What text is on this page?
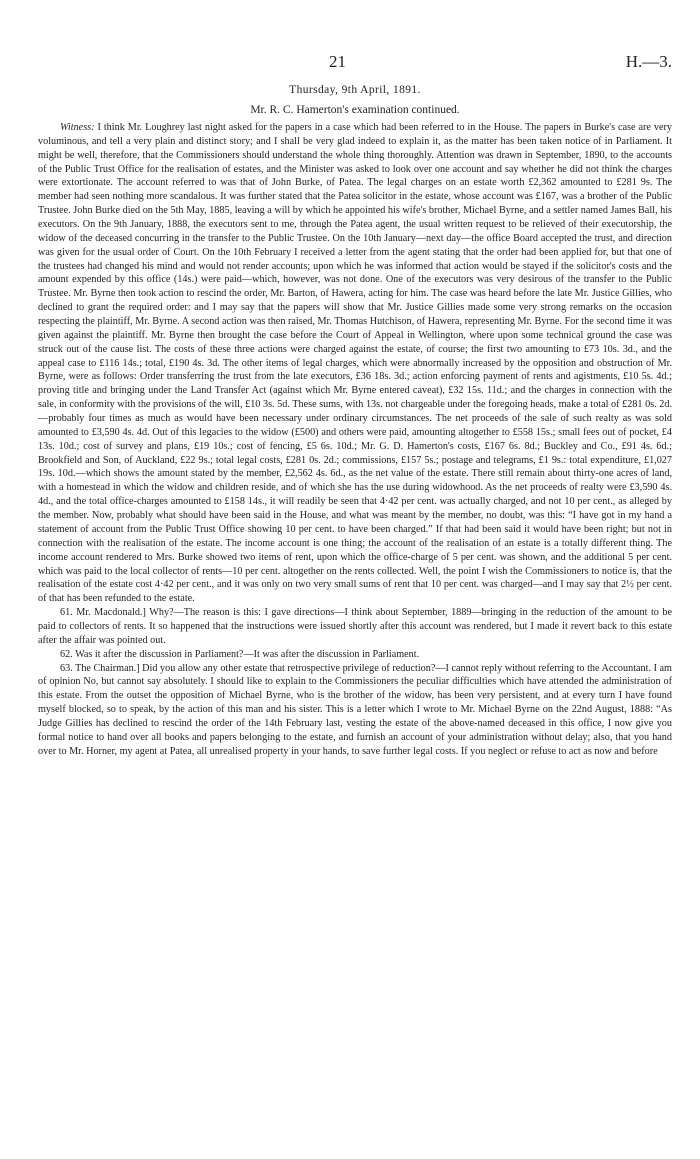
21	H.—3.
Thursday, 9th April, 1891.
Mr. R. C. Hamerton's examination continued.

Witness: I think Mr. Loughrey last night asked for the papers in a case which had been referred to in the House. The papers in Burke's case are very voluminous, and tell a very plain and distinct story; and I shall be very glad indeed to explain it, as the matter has been taken notice of in Parliament. It might be well, therefore, that the Commissioners should understand the whole thing thoroughly. Attention was drawn in September, 1890, to the accounts of the Public Trust Office for the realisation of estates, and the Minister was asked to look over one account and say whether he did not think the charges were extortionate. The account referred to was that of John Burke, of Patea. The legal charges on an estate worth £2,362 amounted to £281 9s. The member had seen nothing more scandalous. It was further stated that the Patea solicitor in the estate, whose account was £167, was a brother of the Public Trustee. John Burke died on the 5th May, 1885, leaving a will by which he appointed his wife's brother, Michael Byrne, and a settler named James Ball, his executors. On the 9th January, 1888, the executors sent to me, through the Patea agent, the usual written request to be relieved of their executorship, the widow of the deceased concurring in the transfer to the Public Trustee. On the 10th January—next day—the office Board accepted the trust, and direction was given for the usual order of Court. On the 10th February I received a letter from the agent stating that the order had been applied for, but that one of the trustees had changed his mind and would not render accounts; upon which he was informed that action would be stayed if the solicitor's costs and the amount expended by this office (14s.) were paid—which, however, was not done. One of the executors was very desirous of the transfer to the Public Trustee. Mr. Byrne then took action to rescind the order, Mr. Barton, of Hawera, acting for him. The case was heard before the late Mr. Justice Gillies, who declined to grant the required order: and I may say that the papers will show that Mr. Justice Gillies made some very strong remarks on the occasion respecting the plaintiff, Mr. Byrne. A second action was then raised, Mr. Thomas Hutchison, of Hawera, representing Mr. Byrne. For the second time it was given against the plaintiff. Mr. Byrne then brought the case before the Court of Appeal in Wellington, where upon some technical ground the case was struck out of the cause list. The costs of these three actions were charged against the estate, of course; the first two amounting to £73 10s. 3d., and the appeal case to £116 14s.; total, £190 4s. 3d. The other items of legal charges, which were abnormally increased by the opposition and obstruction of Mr. Byrne, were as follows: Order transferring the trust from the late executors, £36 18s. 3d.; action enforcing payment of rents and agistments, £10 5s. 4d.; proving title and bringing under the Land Transfer Act (against which Mr. Byrne entered caveat), £32 15s. 11d.; and the charges in connection with the sale, in conformity with the provisions of the will, £10 3s. 5d. These sums, with 13s. not chargeable under the foregoing heads, make a total of £281 0s. 2d.—probably four times as much as would have been necessary under ordinary circumstances. The net proceeds of the sale of such realty as was sold amounted to £3,590 4s. 4d. Out of this legacies to the widow (£500) and others were paid, amounting altogether to £558 15s.; small fees out of pocket, £4 13s. 10d.; cost of survey and plans, £19 10s.; cost of fencing, £5 6s. 10d.; Mr. G. D. Hamerton's costs, £167 6s. 8d.; Buckley and Co., £91 4s. 6d.; Brookfield and Son, of Auckland, £22 9s.; total legal costs, £281 0s. 2d.; commissions, £157 5s.; postage and telegrams, £1 9s.: total expenditure, £1,027 19s. 10d.—which shows the amount stated by the member, £2,562 4s. 6d., as the net value of the estate. There still remain about thirty-one acres of land, with a homestead in which the widow and children reside, and of which she has the use during widowhood. As the net proceeds of realty were £3,590 4s. 4d., and the total office-charges amounted to £158 14s., it will readily be seen that 4·42 per cent. was actually charged, and not 10 per cent., as alleged by the member. Now, probably what should have been said in the House, and what was meant by the member, no doubt, was this: “I have got in my hand a statement of account from the Public Trust Office showing 10 per cent. to have been charged.” If that had been said it would have been right; but not in connection with the realisation of the estate. The income account is one thing; the account of the realisation of an estate is a totally different thing. The income account rendered to Mrs. Burke showed two items of rent, upon which the office-charge of 5 per cent. was shown, and the additional 5 per cent. which was paid to the local collector of rents—10 per cent. altogether on the rents collected. Well, the point I wish the Commissioners to notice is, that the realisation of the estate cost 4·42 per cent., and it was only on two very small sums of rent that 10 per cent. was charged—and I may say that 2½ per cent. of that has been refunded to the estate.

61. Mr. Macdonald.] Why?—The reason is this: I gave directions—I think about September, 1889—bringing in the reduction of the amount to be paid to collectors of rents. It so happened that the instructions were issued shortly after this account was rendered, but I made it revert back to this estate after the affair was pointed out.

62. Was it after the discussion in Parliament?—It was after the discussion in Parliament.

63. The Chairman.] Did you allow any other estate that retrospective privilege of reduction?—I cannot reply without referring to the Accountant. I am of opinion No, but cannot say absolutely. I should like to explain to the Commissioners the peculiar difficulties which have attended the administration of this estate. From the outset the opposition of Michael Byrne, who is the brother of the widow, has been very persistent, and at every turn I have found myself blocked, so to speak, by the action of this man and his sister. This is a letter which I wrote to Mr. Michael Byrne on the 22nd August, 1888: “As Judge Gillies has declined to rescind the order of the 14th February last, vesting the estate of the above-named deceased in this office, I now give you formal notice to hand over all books and papers belonging to the estate, and furnish an account of your administration without delay; also, that you hand over to Mr. Horner, my agent at Patea, all unrealised property in your hands, to save further legal costs. If you neglect or refuse to act as now and before
